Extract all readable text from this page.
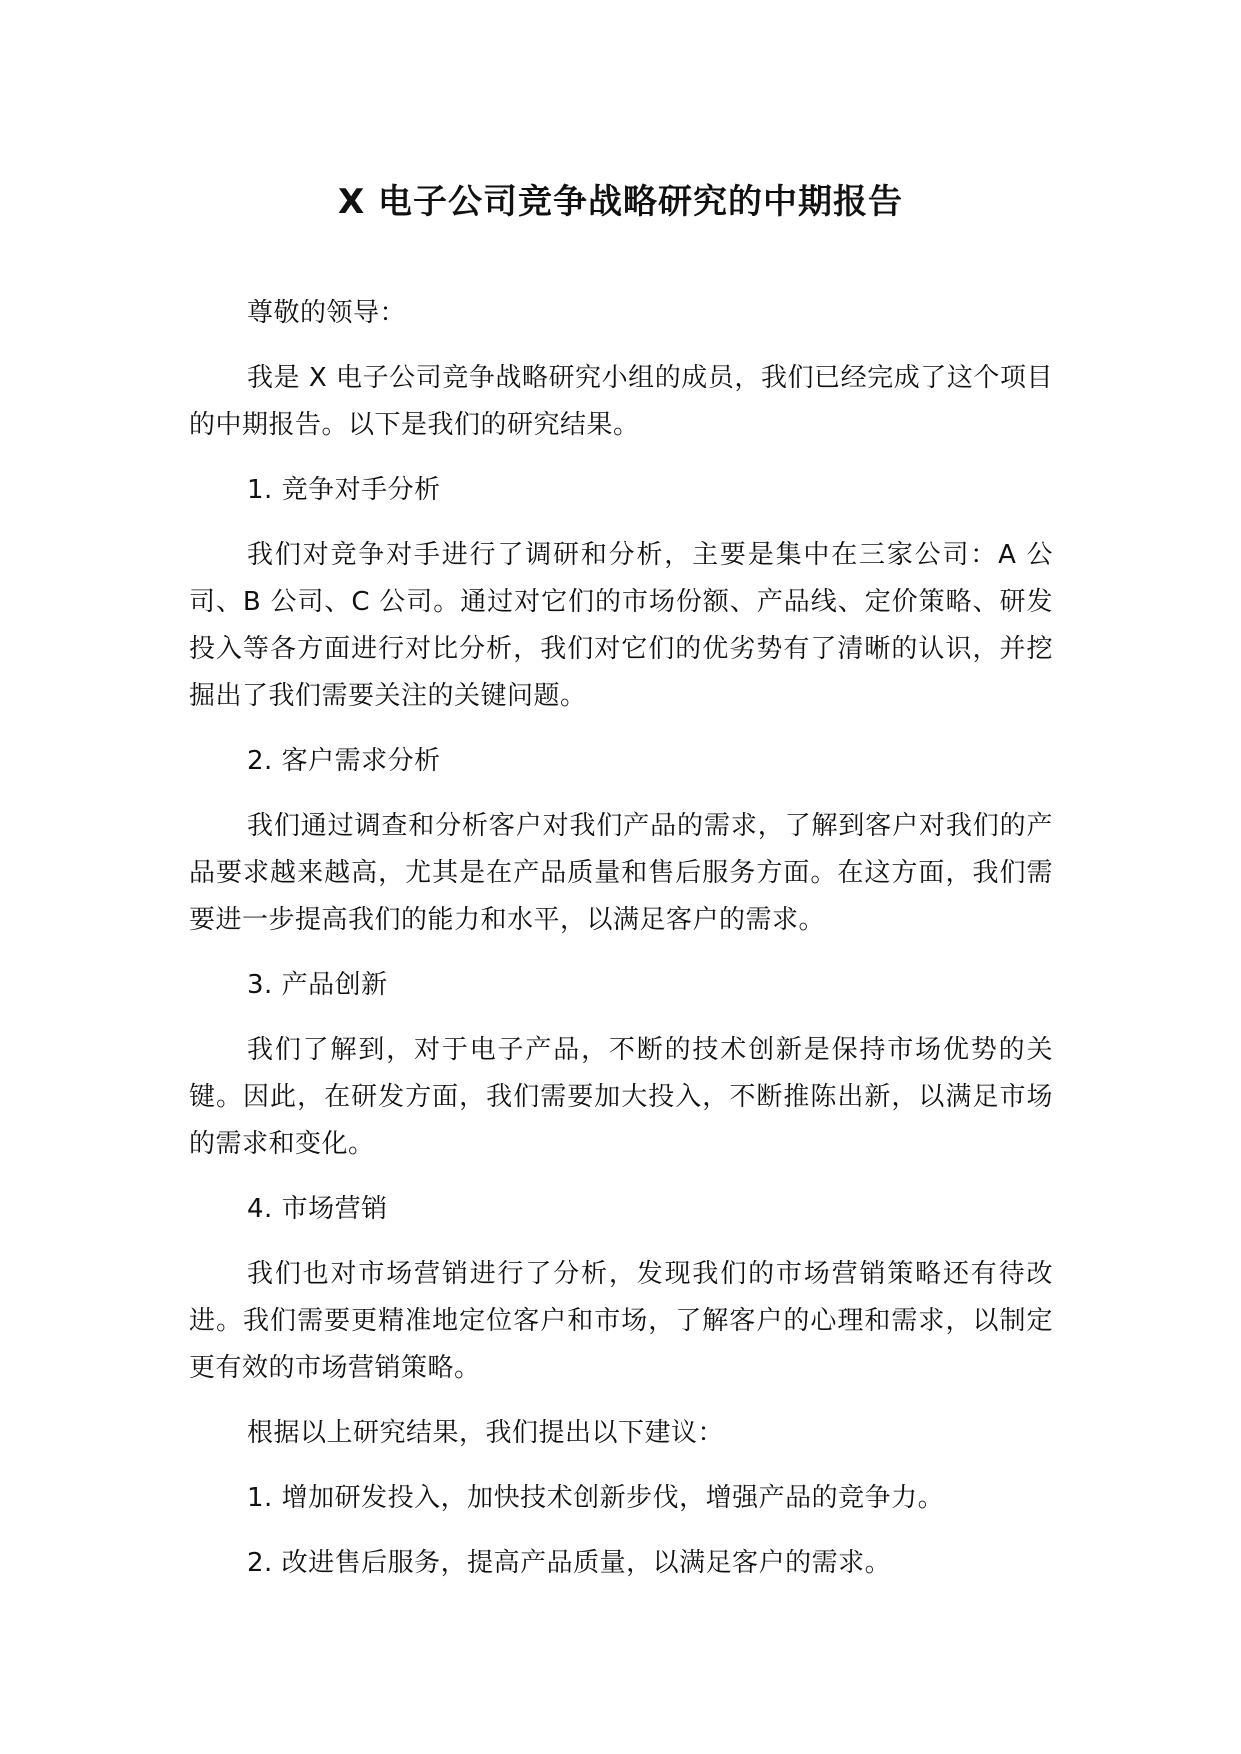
X 电子公司竞争战略研究的中期报告

尊敬的领导：

我是 X 电子公司竞争战略研究小组的成员，我们已经完成了这个项目的中期报告。以下是我们的研究结果。

1. 竞争对手分析

我们对竞争对手进行了调研和分析，主要是集中在三家公司：A 公司、B 公司、C 公司。通过对它们的市场份额、产品线、定价策略、研发投入等各方面进行对比分析，我们对它们的优劣势有了清晰的认识，并挖掘出了我们需要关注的关键问题。

2. 客户需求分析

我们通过调查和分析客户对我们产品的需求，了解到客户对我们的产品要求越来越高，尤其是在产品质量和售后服务方面。在这方面，我们需要进一步提高我们的能力和水平，以满足客户的需求。

3. 产品创新

我们了解到，对于电子产品，不断的技术创新是保持市场优势的关键。因此，在研发方面，我们需要加大投入，不断推陈出新，以满足市场的需求和变化。

4. 市场营销

我们也对市场营销进行了分析，发现我们的市场营销策略还有待改进。我们需要更精准地定位客户和市场，了解客户的心理和需求，以制定更有效的市场营销策略。

根据以上研究结果，我们提出以下建议：

1. 增加研发投入，加快技术创新步伐，增强产品的竞争力。

2. 改进售后服务，提高产品质量，以满足客户的需求。
